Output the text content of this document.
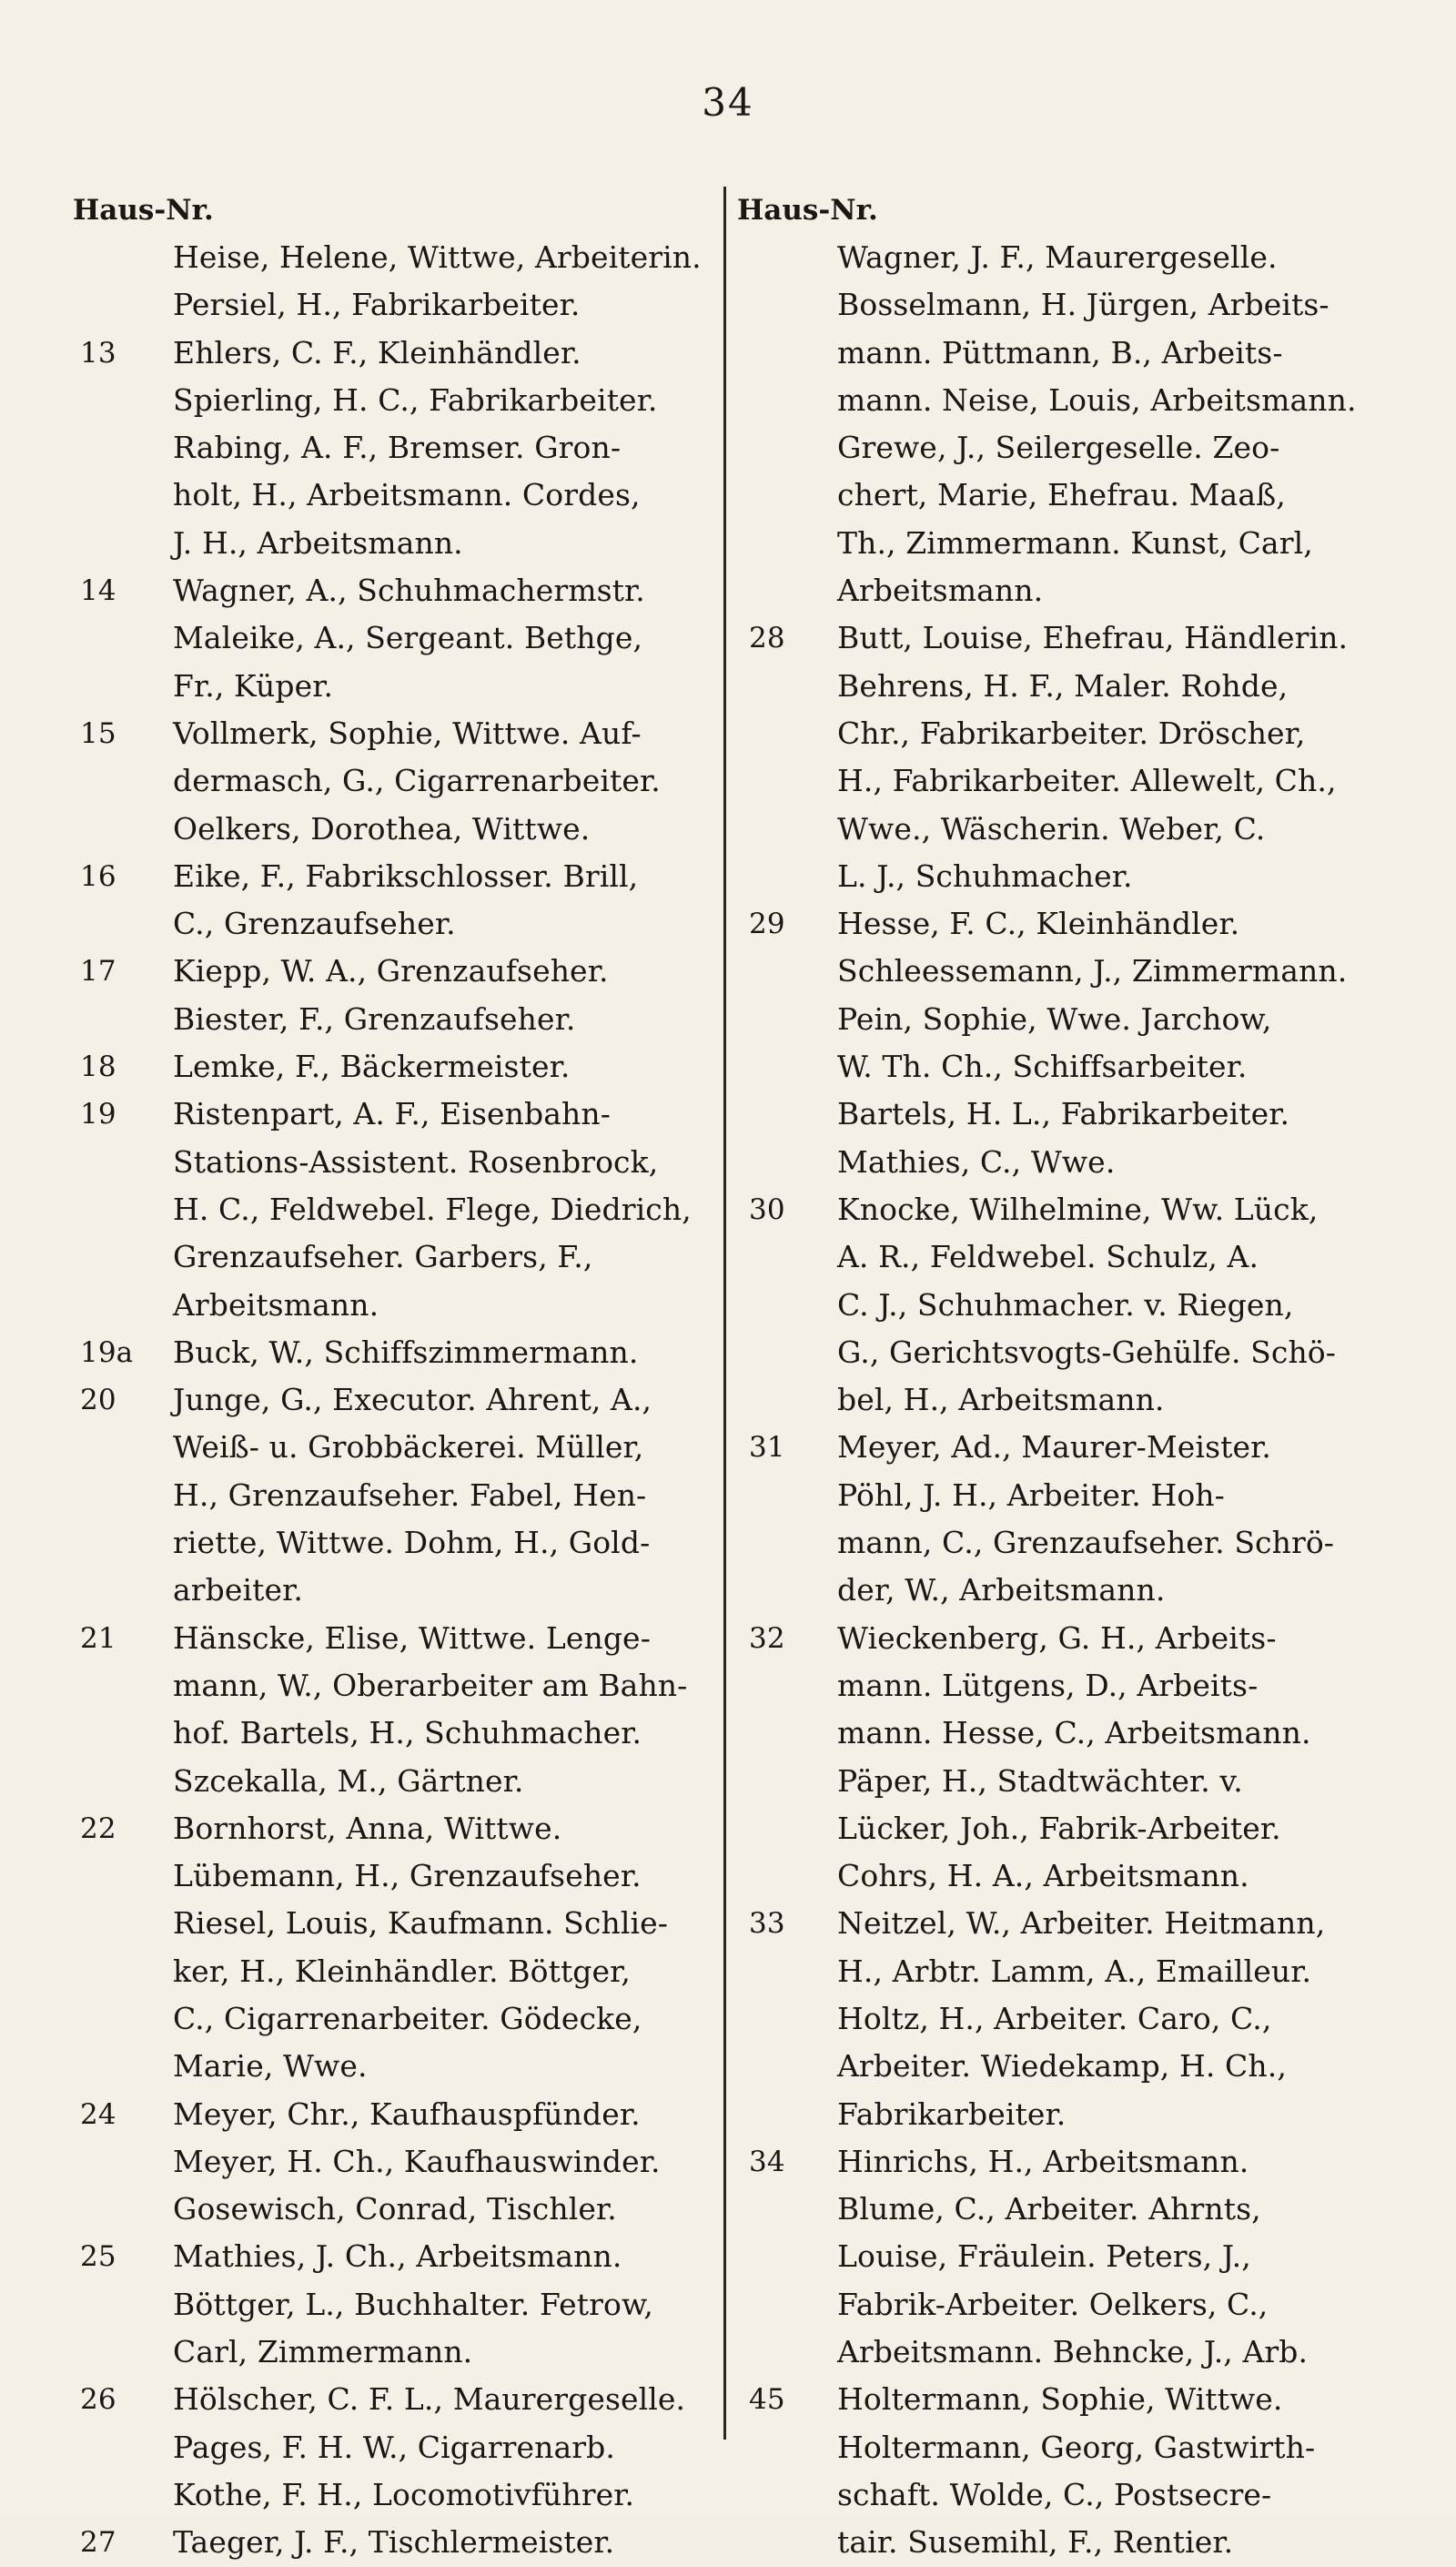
34
Haus-Nr.
Heise, Helene, Wittwe, Arbeiterin.
Persiel, H., Fabrikarbeiter.
13	Ehlers, C. F., Kleinhändler.
Spierling, H. C., Fabrikarbeiter.
Rabing, A. F., Bremser. Gron-
holt, H., Arbeitsmann. Cordes,
J. H., Arbeitsmann.
14	Wagner, A., Schuhmachermstr.
Maleike, A., Sergeant. Bethge,
Fr., Küper.
15	Vollmerk, Sophie, Wittwe. Auf-
dermasch, G., Cigarrenarbeiter.
Oelkers, Dorothea, Wittwe.
16	Eike, F., Fabrikschlosser. Brill,
C., Grenzaufseher.
17	Kiepp, W. A., Grenzaufseher.
Biester, F., Grenzaufseher.
18	Lemke, F., Bäckermeister.
19	Ristenpart, A. F., Eisenbahn-
Stations-Assistent. Rosenbrock,
H. C., Feldwebel. Flege, Diedrich,
Grenzaufseher. Garbers, F.,
Arbeitsmann.
19a	Buck, W., Schiffszimmermann.
20	Junge, G., Executor. Ahrent, A.,
Weiß- u. Grobbäckerei. Müller,
H., Grenzaufseher. Fabel, Hen-
riette, Wittwe. Dohm, H., Gold-
arbeiter.
21	Hänscke, Elise, Wittwe. Lenge-
mann, W., Oberarbeiter am Bahn-
hof. Bartels, H., Schuhmacher.
Szcekalla, M., Gärtner.
22	Bornhorst, Anna, Wittwe.
Lübemann, H., Grenzaufseher.
Riesel, Louis, Kaufmann. Schlie-
ker, H., Kleinhändler. Böttger,
C., Cigarrenarbeiter. Gödecke,
Marie, Wwe.
24	Meyer, Chr., Kaufhauspfünder.
Meyer, H. Ch., Kaufhauswinder.
Gosewisch, Conrad, Tischler.
25	Mathies, J. Ch., Arbeitsmann.
Böttger, L., Buchhalter. Fetrow,
Carl, Zimmermann.
26	Hölscher, C. F. L., Maurergeselle.
Pages, F. H. W., Cigarrenarb.
Kothe, F. H., Locomotivführer.
27	Taeger, J. F., Tischlermeister.
Haus-Nr.
Wagner, J. F., Maurergeselle.
Bosselmann, H. Jürgen, Arbeits-
mann. Püttmann, B., Arbeits-
mann. Neise, Louis, Arbeitsmann.
Grewe, J., Seilergeselle. Zeo-
chert, Marie, Ehefrau. Maaß,
Th., Zimmermann. Kunst, Carl,
Arbeitsmann.
28	Butt, Louise, Ehefrau, Händlerin.
Behrens, H. F., Maler. Rohde,
Chr., Fabrikarbeiter. Dröscher,
H., Fabrikarbeiter. Allewelt, Ch.,
Wwe., Wäscherin. Weber, C.
L. J., Schuhmacher.
29	Hesse, F. C., Kleinhändler.
Schleessemann, J., Zimmermann.
Pein, Sophie, Wwe. Jarchow,
W. Th. Ch., Schiffsarbeiter.
Bartels, H. L., Fabrikarbeiter.
Mathies, C., Wwe.
30	Knocke, Wilhelmine, Ww. Lück,
A. R., Feldwebel. Schulz, A.
C. J., Schuhmacher. v. Riegen,
G., Gerichtsvogts-Gehülfe. Schö-
bel, H., Arbeitsmann.
31	Meyer, Ad., Maurer-Meister.
Pöhl, J. H., Arbeiter. Hoh-
mann, C., Grenzaufseher. Schrö-
der, W., Arbeitsmann.
32	Wieckenberg, G. H., Arbeits-
mann. Lütgens, D., Arbeits-
mann. Hesse, C., Arbeitsmann.
Päper, H., Stadtwächter. v.
Lücker, Joh., Fabrik-Arbeiter.
Cohrs, H. A., Arbeitsmann.
33	Neitzel, W., Arbeiter. Heitmann,
H., Arbtr. Lamm, A., Emailleur.
Holtz, H., Arbeiter. Caro, C.,
Arbeiter. Wiedekamp, H. Ch.,
Fabrikarbeiter.
34	Hinrichs, H., Arbeitsmann.
Blume, C., Arbeiter. Ahrnts,
Louise, Fräulein. Peters, J.,
Fabrik-Arbeiter. Oelkers, C.,
Arbeitsmann. Behncke, J., Arb.
45	Holtermann, Sophie, Wittwe.
Holtermann, Georg, Gastwirth-
schaft. Wolde, C., Postsecre-
tair. Susemihl, F., Rentier.
